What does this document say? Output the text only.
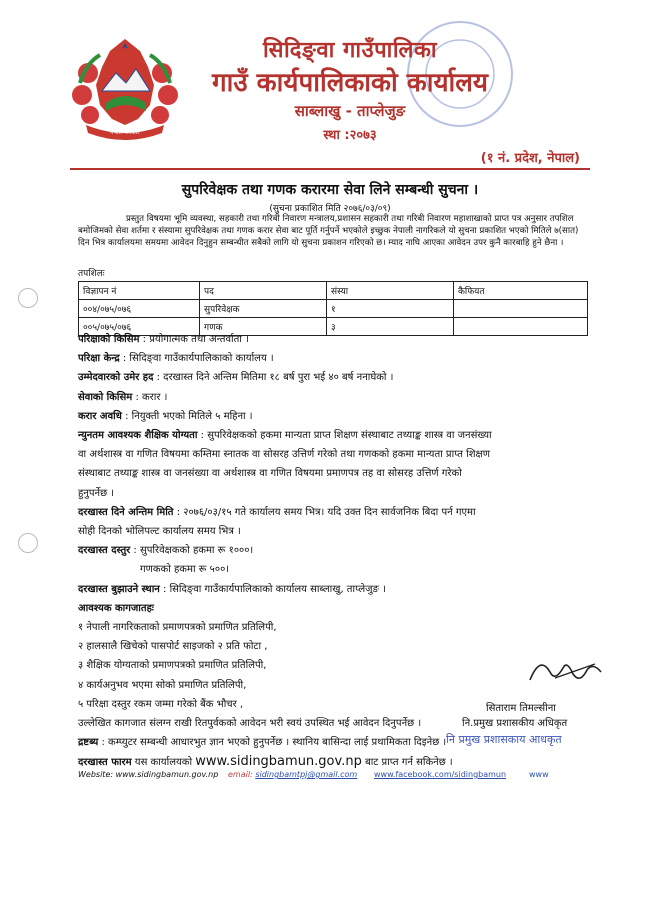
नेपाल सरकार
सिदिङ्वा गाउँपालिका
गाउँ कार्यपालिकाको कार्यालय
साब्लाखु - ताप्लेजुङ
स्था :२०७३
(१ नं. प्रदेश, नेपाल)
सुपरिवेक्षक तथा गणक करारमा सेवा लिने सम्बन्धी सुचना ।
(सुचना प्रकाशित मिति २०७६/०३/०९)
प्रस्तुत विषयमा भूमि व्यवस्था, सहकारी तथा गरिबी निवारण मन्त्रालय,प्रशासन सहकारी तथा गरिबी निवारण महाशाखाको प्राप्त पत्र अनुसार तपशिल बमोजिमको सेवा शर्तमा र संस्यामा सुपरिवेक्षक तथा गणक करार सेवा बाट पूर्ति गर्नुपर्ने भएकोले इच्छुक नेपाली नागरिकले यो सुचना प्रकाशित भएको मितिले ७(सात) दिन भित्र कार्यालयमा समयमा आवेदन दिनुहुन सम्बन्धीत सबैको लागि यो सुचना प्रकाशन गरिएको छ। म्याद नाघि आएका आवेदन उपर कुनै कारबाहि हुने छैना ।
तपशिलः
विज्ञापन नं	पद	संस्या	कैफियत
००४/०७५/०७६	सुपरिवेक्षक	१	
००५/०७५/०७६	गणक	३	
परिक्षाको किसिम : प्रयोगात्मक तथा अन्तर्वाता ।
परिक्षा केन्द्र : सिदिङ्वा गाउँकार्यपालिकाको कार्यालय ।
उम्मेदवारको उमेर हद : दरखास्त दिने अन्तिम मितिमा १८ बर्ष पुरा भई ४० बर्ष ननाघेको ।
सेवाको किसिम : करार ।
करार अवधि : नियुक्ती भएको मितिले ५ महिना ।
न्युनतम आवश्यक शैक्षिक योग्यता : सुपरिवेक्षकको हकमा मान्यता प्राप्त शिक्षण संस्थाबाट तथ्याङ्क शास्त्र वा जनसंख्या
वा अर्थशास्त्र वा गणित विषयमा कम्तिमा स्नातक वा सोसरह उत्तिर्ण गरेको तथा गणकको हकमा मान्यता प्राप्त शिक्षण
संस्थाबाट तथ्याङ्क शास्त्र वा जनसंख्या वा अर्थशास्त्र वा गणित विषयमा प्रमाणपत्र तह वा सोसरह उत्तिर्ण गरेको
हुनुपर्नेछ ।
दरखास्त दिने अन्तिम मिति : २०७६/०३/१५ गते कार्यालय समय भित्र। यदि उक्त दिन सार्वजनिक बिदा पर्न गएमा
सोही दिनको भोलिपल्ट कार्यालय समय भित्र ।
दरखास्त दस्तुर : सुपरिवेक्षकको हकमा रू १०००।
गणकको हकमा रू ५००।
दरखास्त बुझाउने स्थान : सिदिङ्वा गाउँकार्यपालिकाको कार्यालय साब्लाखु, ताप्लेजुङ ।
आवश्यक कागजातहः
१ नेपाली नागरिकताको प्रमाणपत्रको प्रमाणित प्रतिलिपी,
२ हालसालै खिचेको पासपोर्ट साइजको २ प्रति फोटा ,
३ शैक्षिक योग्यताको प्रमाणपत्रको प्रमाणित प्रतिलिपी,
४ कार्यअनुभव भएमा सोको प्रमाणित प्रतिलिपी,
५ परिक्षा दस्तुर रकम जम्मा गरेको बैंक भौचर ,
उल्लेखित कागजात संलग्न राखी रितपुर्वकको आवेदन भरी स्वयं उपस्थित भई आवेदन दिनुपर्नेछ ।
द्रष्टब्य : कम्प्युटर सम्बन्धी आधारभुत ज्ञान भएको हुनुपर्नेछ । स्थानिय बासिन्दा लाई प्रथामिकता दिइनेछ ।
दरखास्त फारम यस कार्यालयको www.sidingbamun.gov.np बाट प्राप्त गर्न सकिनेछ ।
सिताराम तिमल्सीना
नि.प्रमुख प्रशासकीय अधिकृत
नि प्रमुख प्रशासकाय आधकृत
Website: www.sidingbamun.gov.np email: sidingbamtpj@gmail.com www.facebook.com/sidingbamun	www
